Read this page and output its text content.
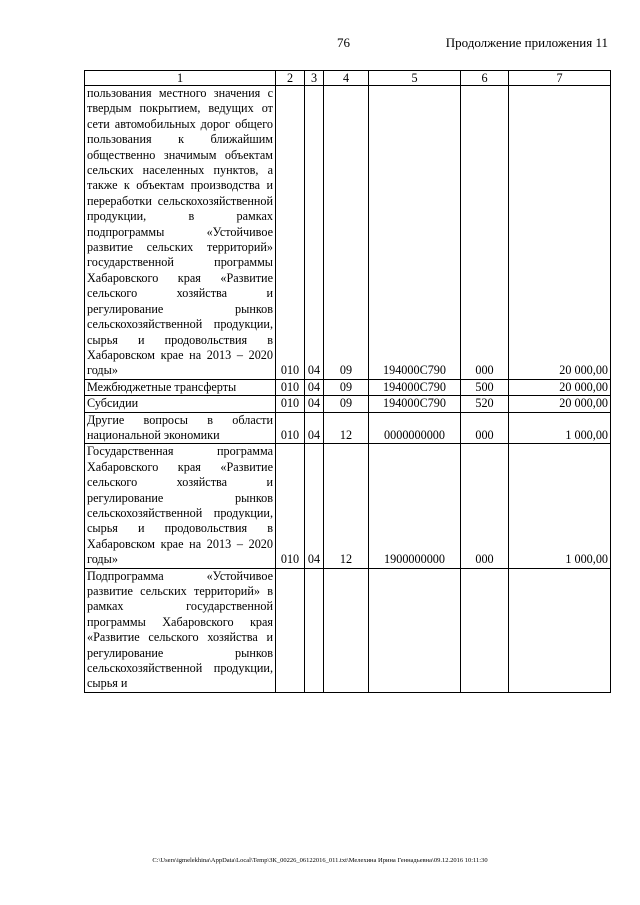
76	Продолжение приложения 11
1	2	3	4	5	6	7
пользования местного значения с твердым покрытием, ведущих от сети автомобильных дорог общего пользования к ближайшим общественно значимым объектам сельских населенных пунктов, а также к объектам производства и переработки сельскохозяйственной продукции, в рамках подпрограммы «Устойчивое развитие сельских территорий» государственной программы Хабаровского края «Развитие сельского хозяйства и регулирование рынков сельскохозяйственной продукции, сырья и продовольствия в Хабаровском крае на 2013 – 2020 годы»	010	04	09	194000С790	000	20 000,00
Межбюджетные трансферты	010	04	09	194000С790	500	20 000,00
Субсидии	010	04	09	194000С790	520	20 000,00
Другие вопросы в области национальной экономики	010	04	12	0000000000	000	1 000,00
Государственная программа Хабаровского края «Развитие сельского хозяйства и регулирование рынков сельскохозяйственной продукции, сырья и продовольствия в Хабаровском крае на 2013 – 2020 годы»	010	04	12	1900000000	000	1 000,00
Подпрограмма «Устойчивое развитие сельских территорий» в рамках государственной программы Хабаровского края «Развитие сельского хозяйства и регулирование рынков сельскохозяйственной продукции, сырья и						
C:\Users\igmelekhina\AppData\Local\Temp\ЗК_00226_06122016_011.txt\Мелехина Ирина Геннадьевна\09.12.2016 10:11:30
